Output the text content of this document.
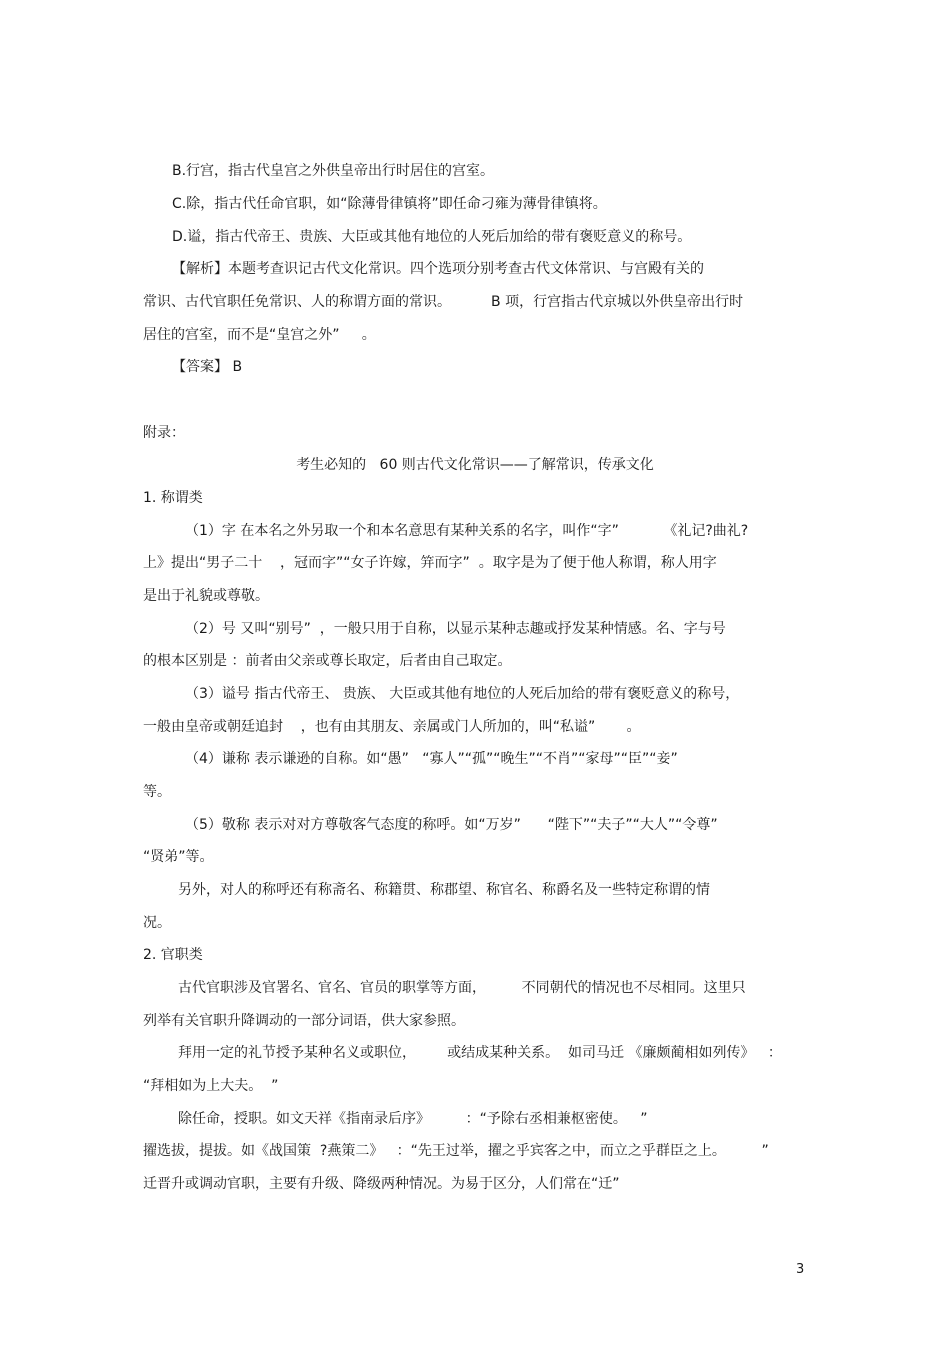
B.行宫，指古代皇宫之外供皇帝出行时居住的宫室。
C.除，指古代任命官职，如“除薄骨律镇将”即任命刁雍为薄骨律镇将。
D.谥，指古代帝王、贵族、大臣或其他有地位的人死后加给的带有褒贬意义的称号。
【解析】本题考查识记古代文化常识。四个选项分别考查古代文体常识、与宫殿有关的
常识、古代官职任免常识、人的称谓方面的常识。         B 项，行宫指古代京城以外供皇帝出行时
居住的宫室，而不是“皇宫之外”     。
【答案】 B
附录：
考生必知的   60 则古代文化常识——了解常识，传承文化
1. 称谓类
（1）字 在本名之外另取一个和本名意思有某种关系的名字，叫作“字”          《礼记?曲礼?
上》提出“男子二十    ，冠而字”“女子许嫁，笄而字”  。取字是为了便于他人称谓，称人用字
是出于礼貌或尊敬。
（2）号 又叫“别号”  ，一般只用于自称，以显示某种志趣或抒发某种情感。名、字与号
的根本区别是 ：前者由父亲或尊长取定，后者由自己取定。
（3）谥号 指古代帝王、 贵族、 大臣或其他有地位的人死后加给的带有褒贬意义的称号，
一般由皇帝或朝廷追封    ，也有由其朋友、亲属或门人所加的，叫“私谥”       。
（4）谦称 表示谦逊的自称。如“愚”   “寡人”“孤”“晚生”“不肖”“家母”“臣”“妾”
等。
（5）敬称 表示对对方尊敬客气态度的称呼。如“万岁”      “陛下”“夫子”“大人”“令尊”
“贤弟”等。
另外，对人的称呼还有称斋名、称籍贯、称郡望、称官名、称爵名及一些特定称谓的情
况。
2. 官职类
古代官职涉及官署名、官名、官员的职掌等方面，        不同朝代的情况也不尽相同。这里只
列举有关官职升降调动的一部分词语，供大家参照。
拜用一定的礼节授予某种名义或职位，       或结成某种关系。  如司马迁 《廉颇蔺相如列传》   ：
“拜相如为上大夫。  ”
除任命，授职。如文天祥《指南录后序》        ：“予除右丞相兼枢密使。   ”
擢选拔，提拔。如《战国策  ?燕策二》   ：“先王过举，擢之乎宾客之中，而立之乎群臣之上。        ”
迁晋升或调动官职，主要有升级、降级两种情况。为易于区分，人们常在“迁”
3
